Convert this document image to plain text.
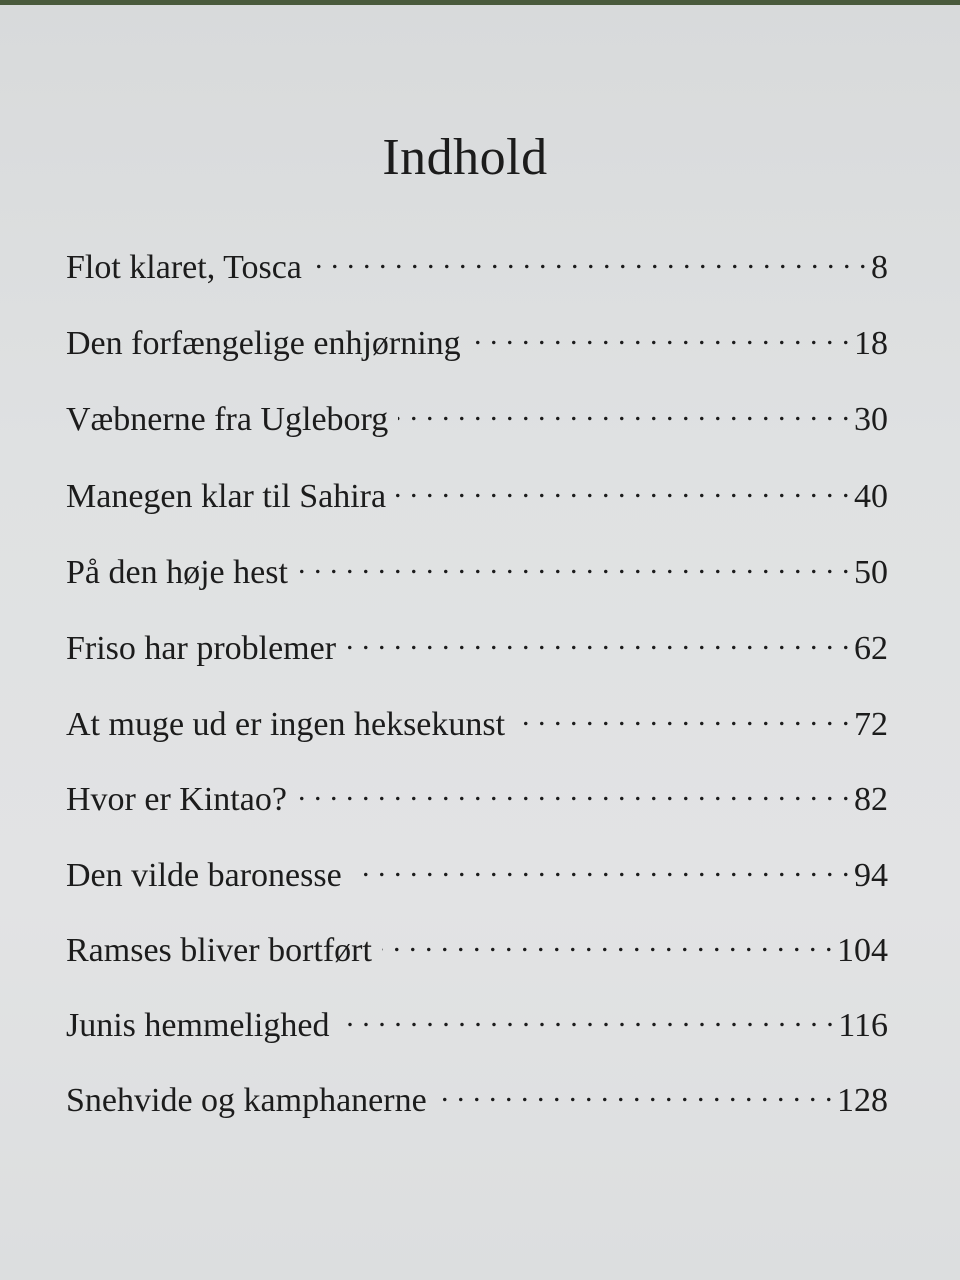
Indhold
Flot klaret, Tosca . . .	8
Den forfængelige enhjørning . . .	18
Væbnerne fra Ugleborg . . .	30
Manegen klar til Sahira . . .	40
På den høje hest . . .	50
Friso har problemer . . .	62
At muge ud er ingen heksekunst . . .	72
Hvor er Kintao? . . .	82
Den vilde baronesse . . .	94
Ramses bliver bortført . . .	104
Junis hemmelighed . . .	116
Snehvide og kamphanerne . . .	128
